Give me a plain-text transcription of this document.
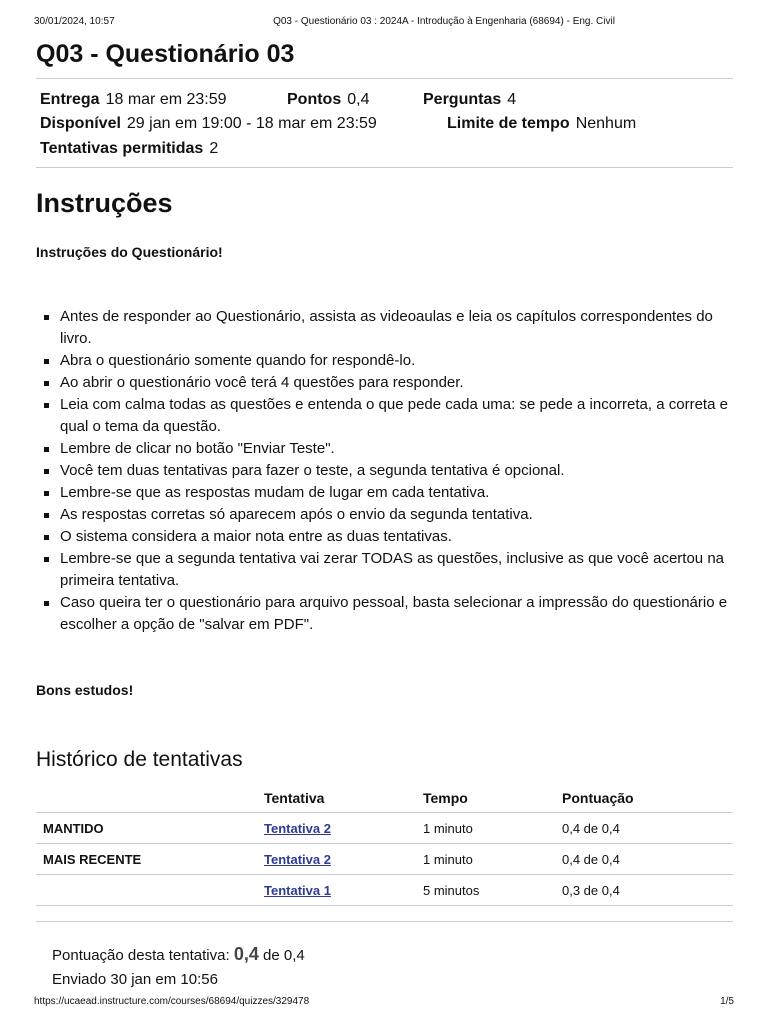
30/01/2024, 10:57	Q03 - Questionário 03 : 2024A - Introdução à Engenharia (68694) - Eng. Civil
Q03 - Questionário 03
Entrega 18 mar em 23:59	Pontos 0,4	Perguntas 4
Disponível 29 jan em 19:00 - 18 mar em 23:59	Limite de tempo Nenhum
Tentativas permitidas 2
Instruções
Instruções do Questionário!
Antes de responder ao Questionário, assista as videoaulas e leia os capítulos correspondentes do livro.
Abra o questionário somente quando for respondê-lo.
Ao abrir o questionário você terá 4 questões para responder.
Leia com calma todas as questões e entenda o que pede cada uma: se pede a incorreta, a correta e qual o tema da questão.
Lembre de clicar no botão "Enviar Teste".
Você tem duas tentativas para fazer o teste, a segunda tentativa é opcional.
Lembre-se que as respostas mudam de lugar em cada tentativa.
As respostas corretas só aparecem após o envio da segunda tentativa.
O sistema considera a maior nota entre as duas tentativas.
Lembre-se que a segunda tentativa vai zerar TODAS as questões, inclusive as que você acertou na primeira tentativa.
Caso queira ter o questionário para arquivo pessoal, basta selecionar a impressão do questionário e escolher a opção de "salvar em PDF".
Bons estudos!
Histórico de tentativas
	Tentativa	Tempo	Pontuação
MANTIDO	Tentativa 2	1 minuto	0,4 de 0,4
MAIS RECENTE	Tentativa 2	1 minuto	0,4 de 0,4
	Tentativa 1	5 minutos	0,3 de 0,4
Pontuação desta tentativa: 0,4 de 0,4
Enviado 30 jan em 10:56
https://ucaead.instructure.com/courses/68694/quizzes/329478	1/5
